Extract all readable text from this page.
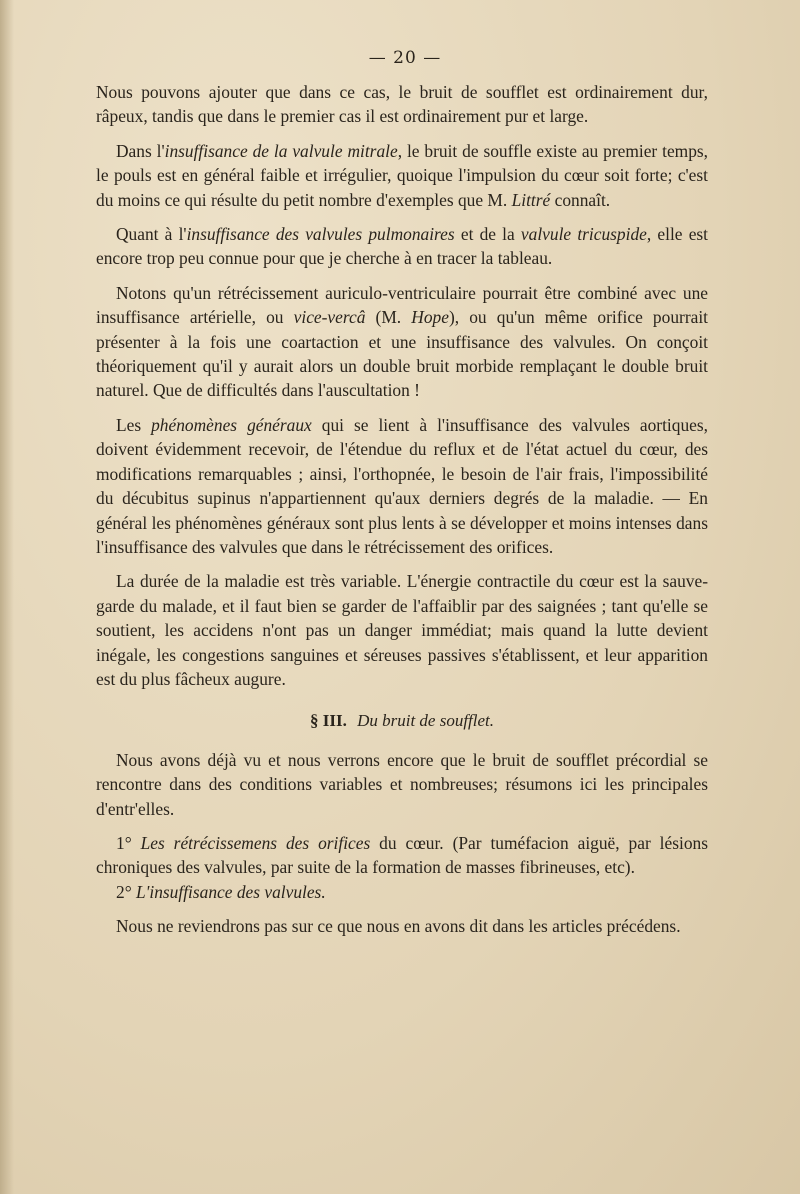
— 20 —

Nous pouvons ajouter que dans ce cas, le bruit de soufflet est ordinairement dur, râpeux, tandis que dans le premier cas il est ordinairement pur et large.

Dans l'insuffisance de la valvule mitrale, le bruit de souffle existe au premier temps, le pouls est en général faible et irrégulier, quoique l'impulsion du cœur soit forte; c'est du moins ce qui résulte du petit nombre d'exemples que M. Littré connaît.

Quant à l'insuffisance des valvules pulmonaires et de la valvule tricuspide, elle est encore trop peu connue pour que je cherche à en tracer la tableau.

Notons qu'un rétrécissement auriculo-ventriculaire pourrait être combiné avec une insuffisance artérielle, ou vice-vercâ (M. Hope), ou qu'un même orifice pourrait présenter à la fois une coartaction et une insuffisance des valvules. On conçoit théoriquement qu'il y aurait alors un double bruit morbide remplaçant le double bruit naturel. Que de difficultés dans l'auscultation !

Les phénomènes généraux qui se lient à l'insuffisance des valvules aortiques, doivent évidemment recevoir, de l'étendue du reflux et de l'état actuel du cœur, des modifications remarquables ; ainsi, l'orthopnée, le besoin de l'air frais, l'impossibilité du décubitus supinus n'appartiennent qu'aux derniers degrés de la maladie. — En général les phénomènes généraux sont plus lents à se développer et moins intenses dans l'insuffisance des valvules que dans le rétrécissement des orifices.

La durée de la maladie est très variable. L'énergie contractile du cœur est la sauve-garde du malade, et il faut bien se garder de l'affaiblir par des saignées ; tant qu'elle se soutient, les accidens n'ont pas un danger immédiat; mais quand la lutte devient inégale, les congestions sanguines et séreuses passives s'établissent, et leur apparition est du plus fâcheux augure.

§ III. Du bruit de soufflet.

Nous avons déjà vu et nous verrons encore que le bruit de soufflet précordial se rencontre dans des conditions variables et nombreuses; résumons ici les principales d'entr'elles.

1° Les rétrécissemens des orifices du cœur. (Par tuméfacion aiguë, par lésions chroniques des valvules, par suite de la formation de masses fibrineuses, etc).

2° L'insuffisance des valvules.

Nous ne reviendrons pas sur ce que nous en avons dit dans les articles précédens.
